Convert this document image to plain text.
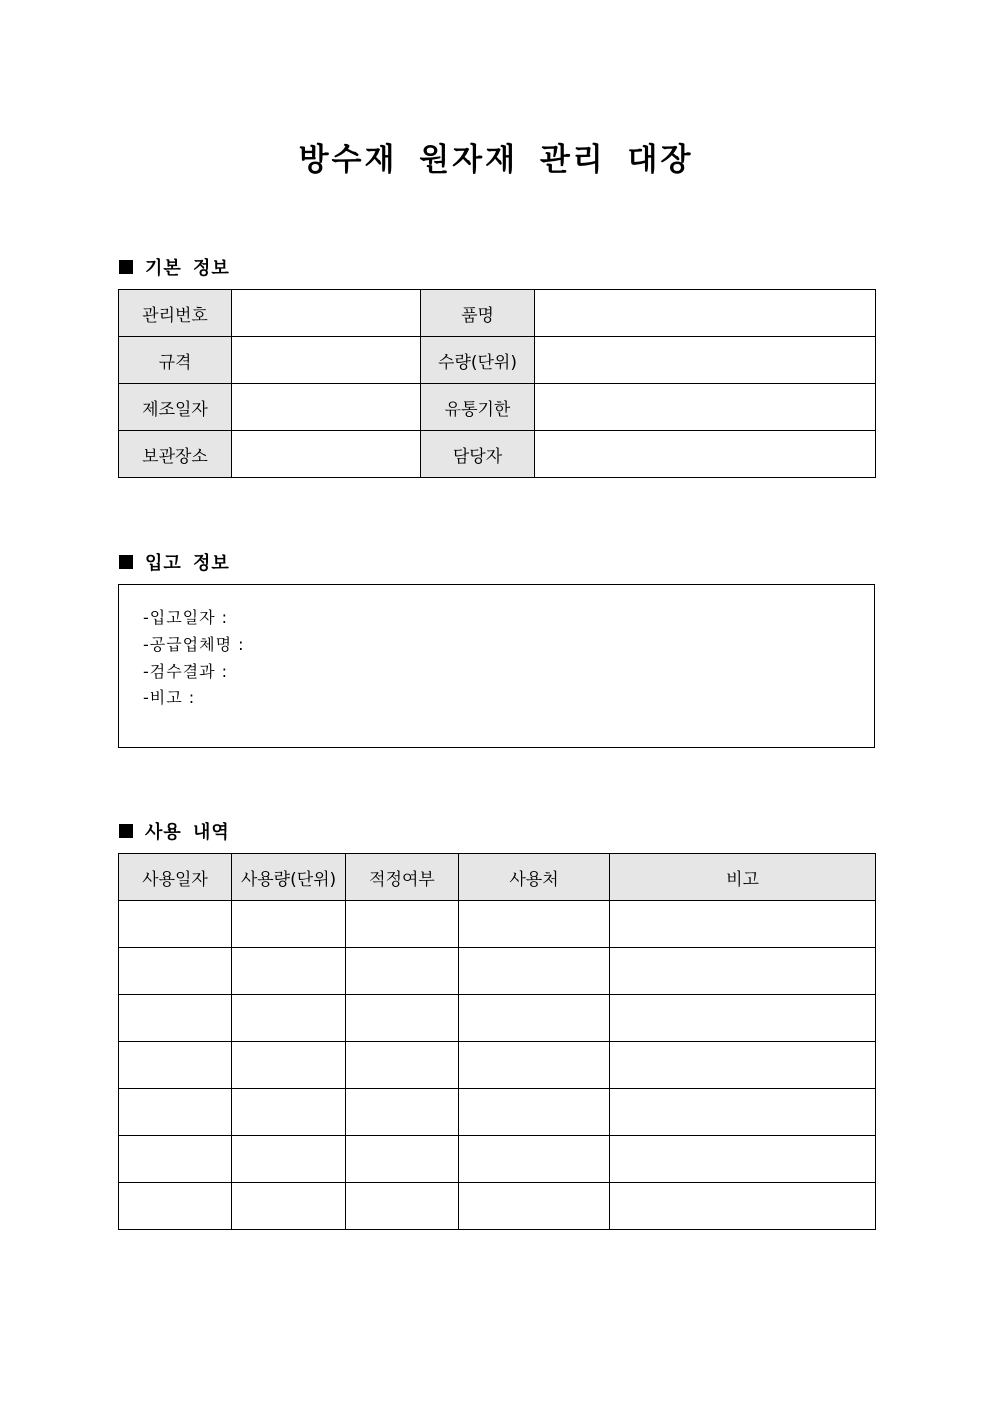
방수재 원자재 관리 대장
기본 정보
관리번호		품명	
규격		수량(단위)	
제조일자		유통기한	
보관장소		담당자	
입고 정보
-입고일자 :
-공급업체명 :
-검수결과 :
-비고 :
사용 내역
사용일자	사용량(단위)	적정여부	사용처	비고
